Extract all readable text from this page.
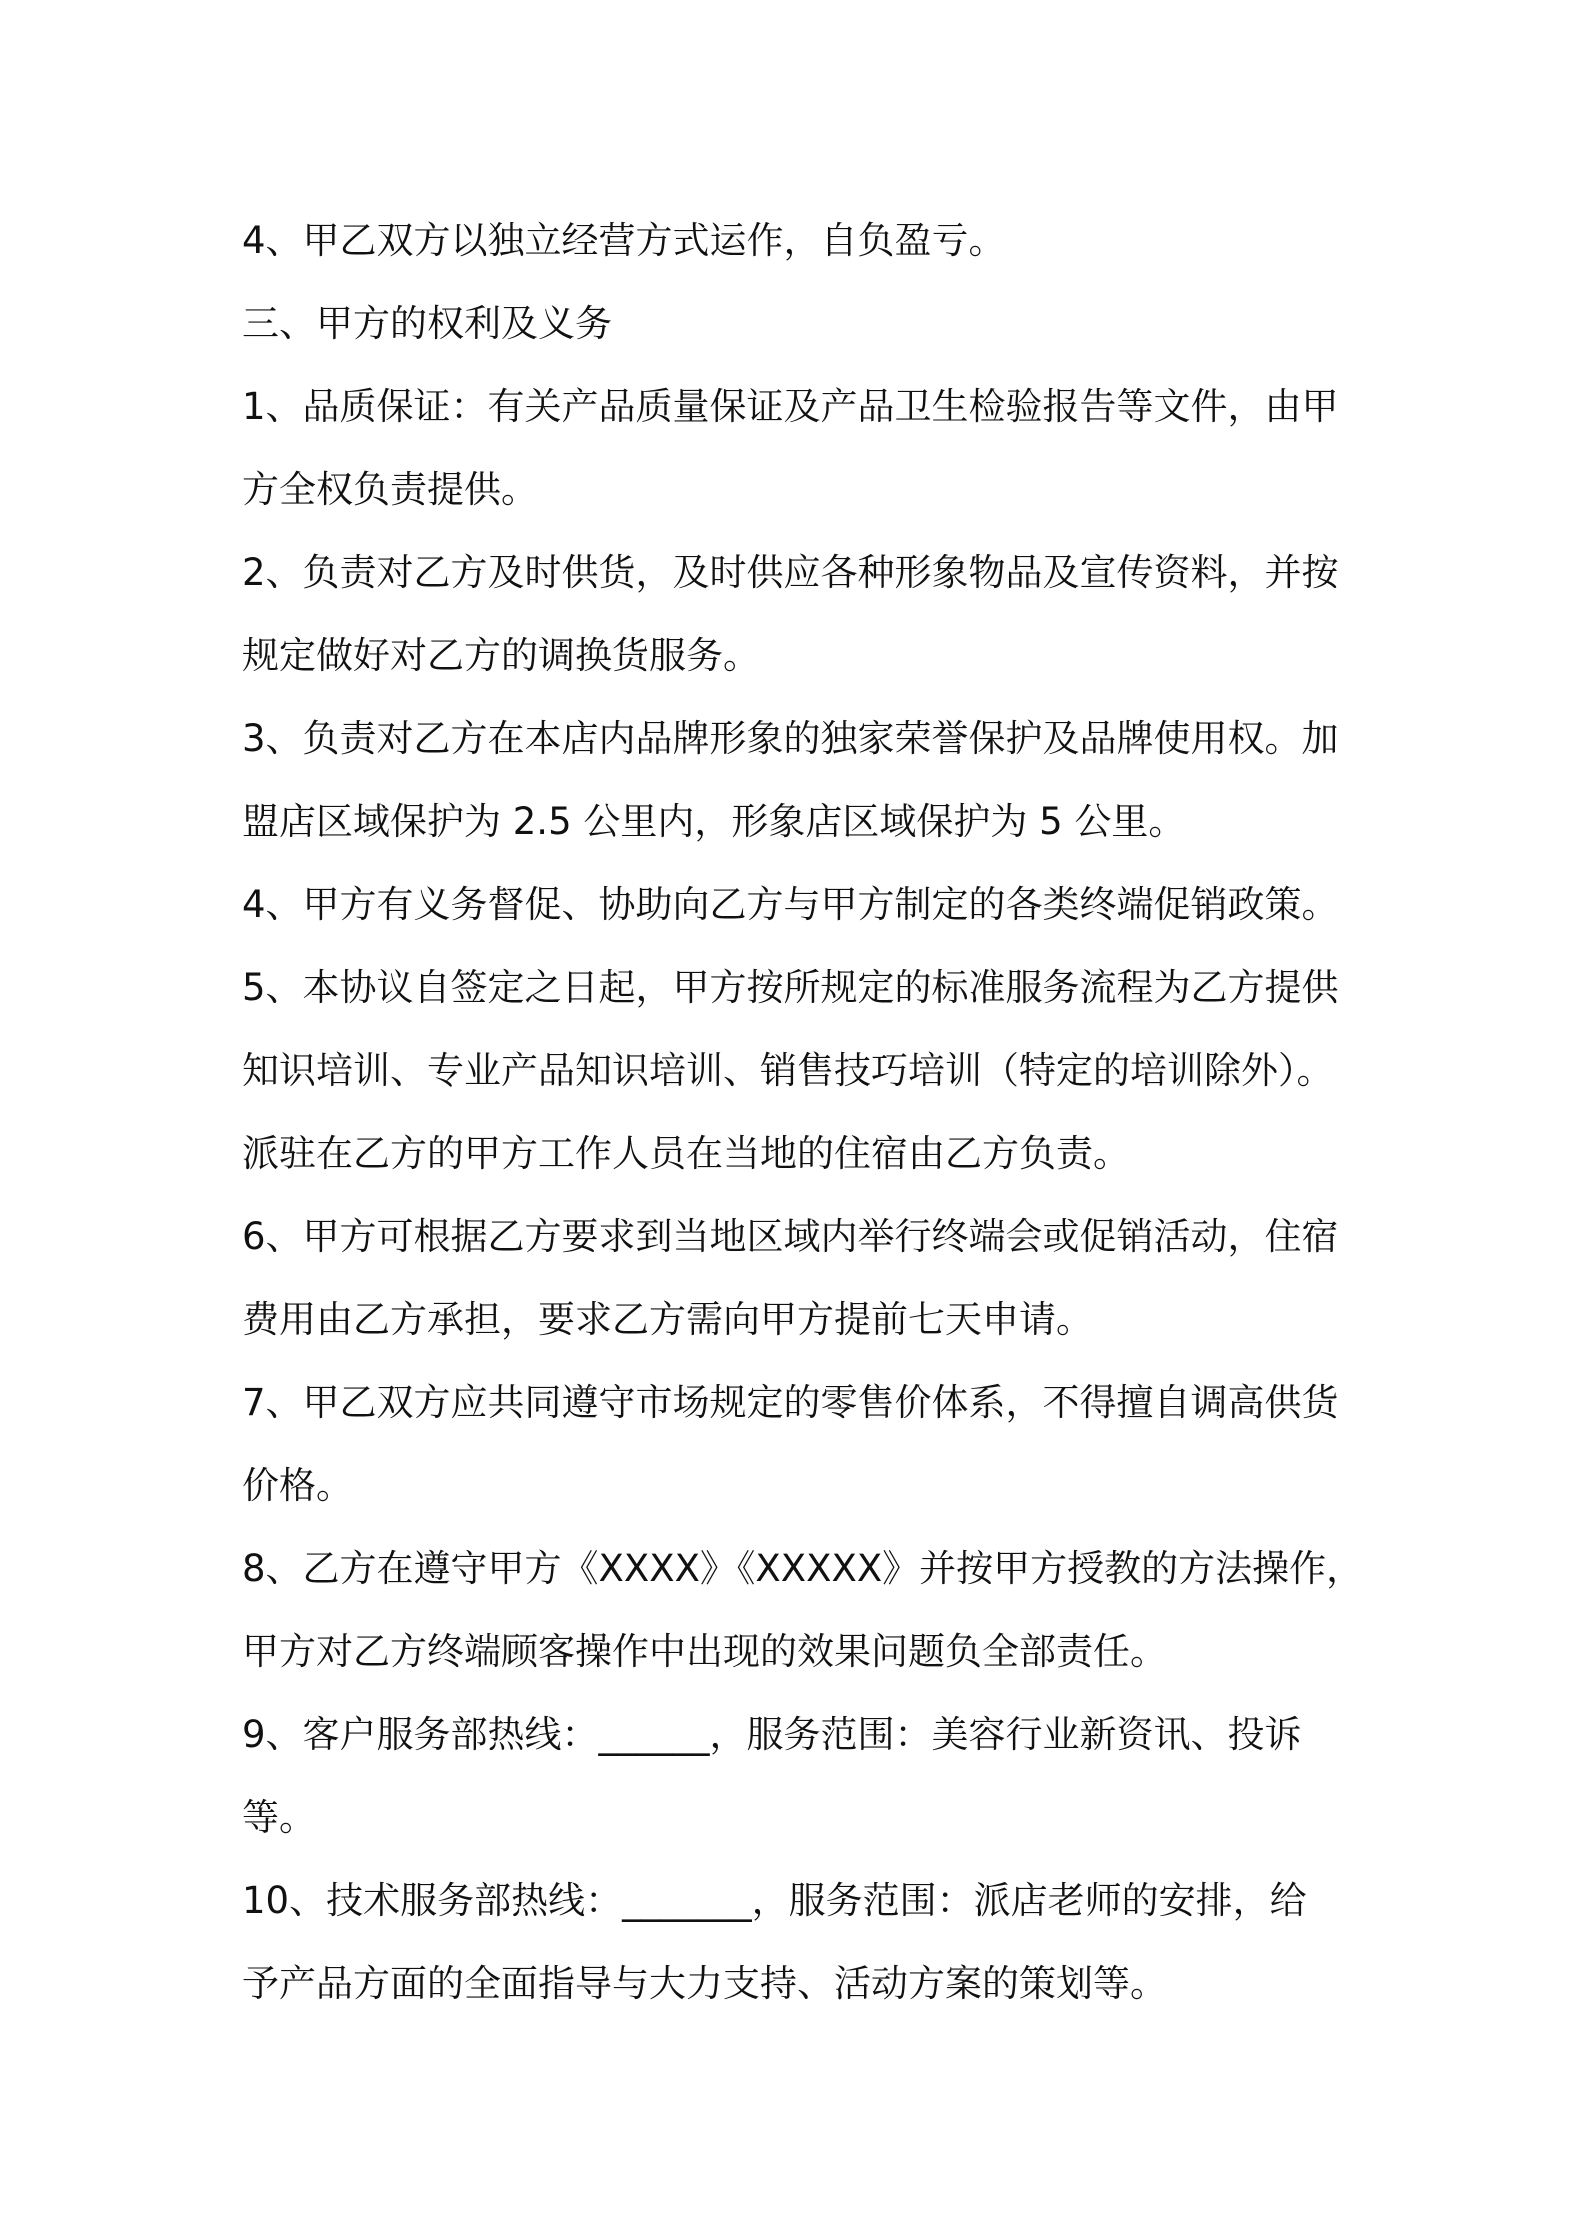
4、甲乙双方以独立经营方式运作，自负盈亏。

三、甲方的权利及义务

1、品质保证：有关产品质量保证及产品卫生检验报告等文件，由甲
方全权负责提供。

2、负责对乙方及时供货，及时供应各种形象物品及宣传资料，并按
规定做好对乙方的调换货服务。

3、负责对乙方在本店内品牌形象的独家荣誉保护及品牌使用权。加
盟店区域保护为 2.5 公里内，形象店区域保护为 5 公里。

4、甲方有义务督促、协助向乙方与甲方制定的各类终端促销政策。

5、本协议自签定之日起，甲方按所规定的标准服务流程为乙方提供
知识培训、专业产品知识培训、销售技巧培训（特定的培训除外）。
派驻在乙方的甲方工作人员在当地的住宿由乙方负责。

6、甲方可根据乙方要求到当地区域内举行终端会或促销活动，住宿
费用由乙方承担，要求乙方需向甲方提前七天申请。

7、甲乙双方应共同遵守市场规定的零售价体系，不得擅自调高供货
价格。

8、乙方在遵守甲方《XXXX》《XXXXX》并按甲方授教的方法操作，
甲方对乙方终端顾客操作中出现的效果问题负全部责任。

9、客户服务部热线：______，服务范围：美容行业新资讯、投诉
等。

10、技术服务部热线：_______，服务范围：派店老师的安排，给
予产品方面的全面指导与大力支持、活动方案的策划等。
